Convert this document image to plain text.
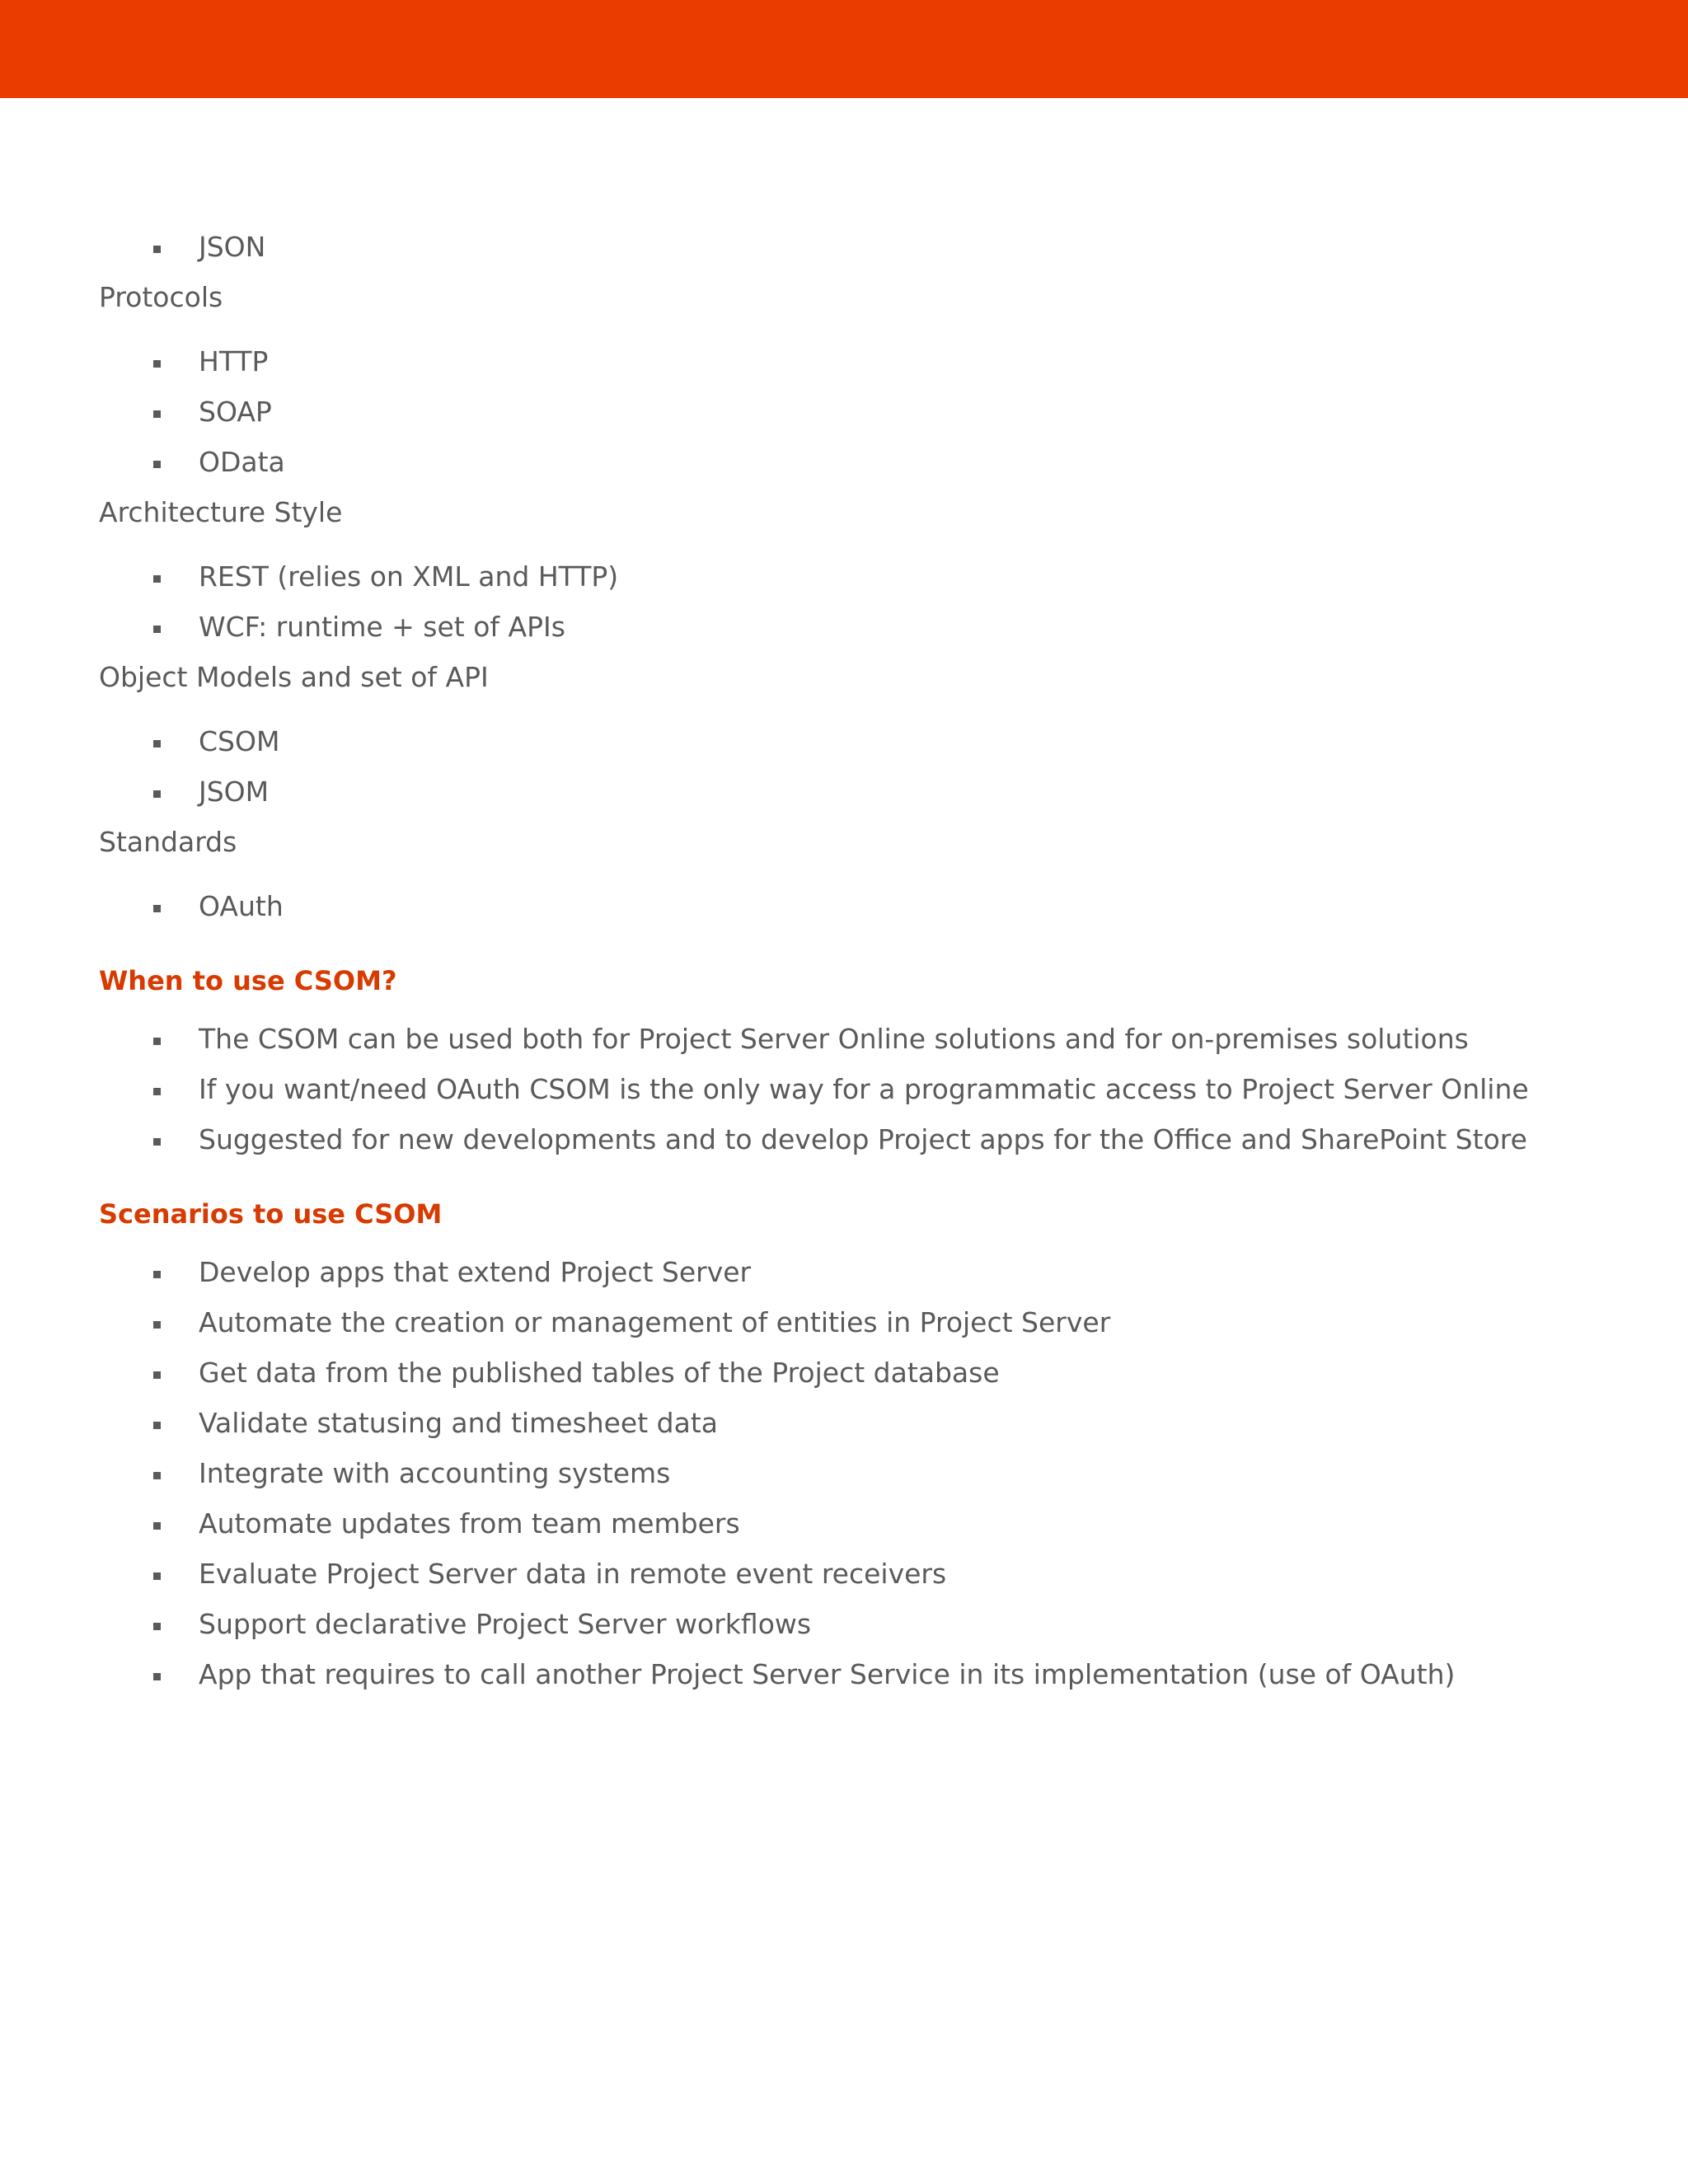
JSON

Protocols

HTTP
SOAP
OData

Architecture Style

REST (relies on XML and HTTP)
WCF: runtime + set of APIs

Object Models and set of API

CSOM
JSOM

Standards

OAuth
When to use CSOM?
The CSOM can be used both for Project Server Online solutions and for on-premises solutions
If you want/need OAuth CSOM is the only way for a programmatic access to Project Server Online
Suggested for new developments and to develop Project apps for the Office and SharePoint Store
Scenarios to use CSOM
Develop apps that extend Project Server
Automate the creation or management of entities in Project Server
Get data from the published tables of the Project database
Validate statusing and timesheet data
Integrate with accounting systems
Automate updates from team members
Evaluate Project Server data in remote event receivers
Support declarative Project Server workflows
App that requires to call another Project Server Service in its implementation (use of OAuth)
